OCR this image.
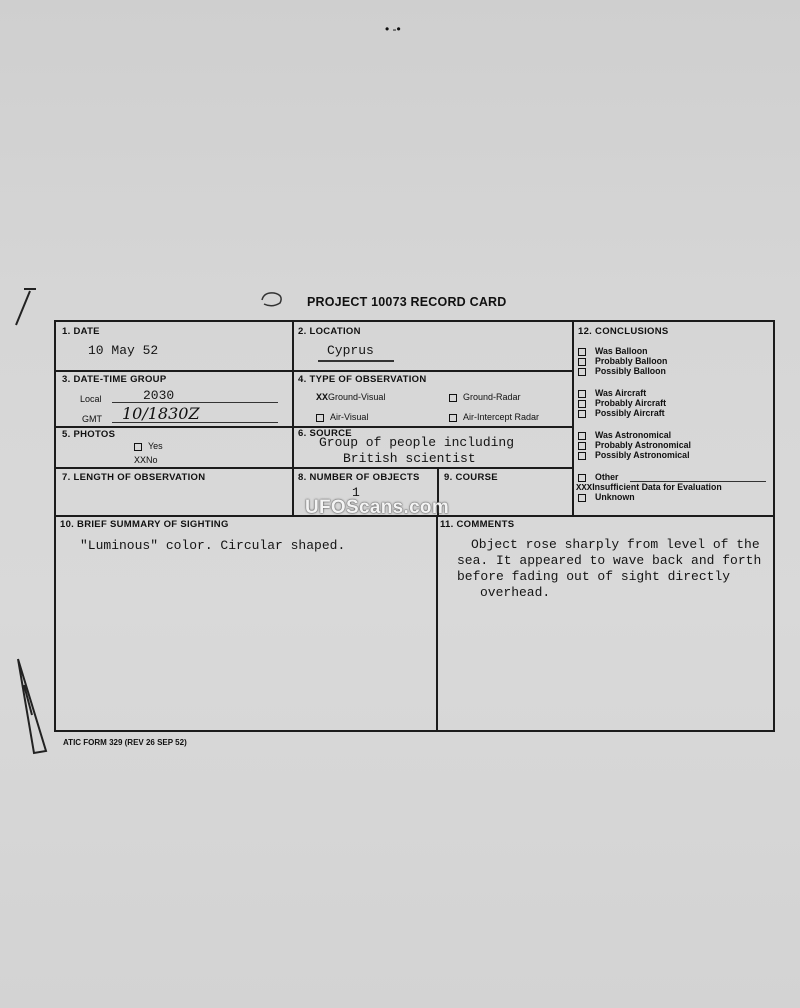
• ‐•
PROJECT 10073 RECORD CARD
1. DATE
10 May 52
2. LOCATION
Cyprus
3. DATE-TIME GROUP
Local	2030
GMT 10/1830Z
4. TYPE OF OBSERVATION
XXGround-Visual	Ground-Radar
Air-Visual	Air-Intercept Radar
5. PHOTOS
Yes
XXNo
6. SOURCE
Group of people including
British scientist
7. LENGTH OF OBSERVATION	8. NUMBER OF OBJECTS
1
9. COURSE
10. BRIEF SUMMARY OF SIGHTING
"Luminous" color. Circular shaped.
11. COMMENTS
Object rose sharply from level of the
sea. It appeared to wave back and forth
before fading out of sight directly
overhead.
12. CONCLUSIONS
Was Balloon
Probably Balloon
Possibly Balloon
Was Aircraft
Probably Aircraft
Possibly Aircraft
Was Astronomical
Probably Astronomical
Possibly Astronomical
Other
XXXInsufficient Data for Evaluation
Unknown
UFOScans.com
ATIC FORM 329 (REV 26 SEP 52)
